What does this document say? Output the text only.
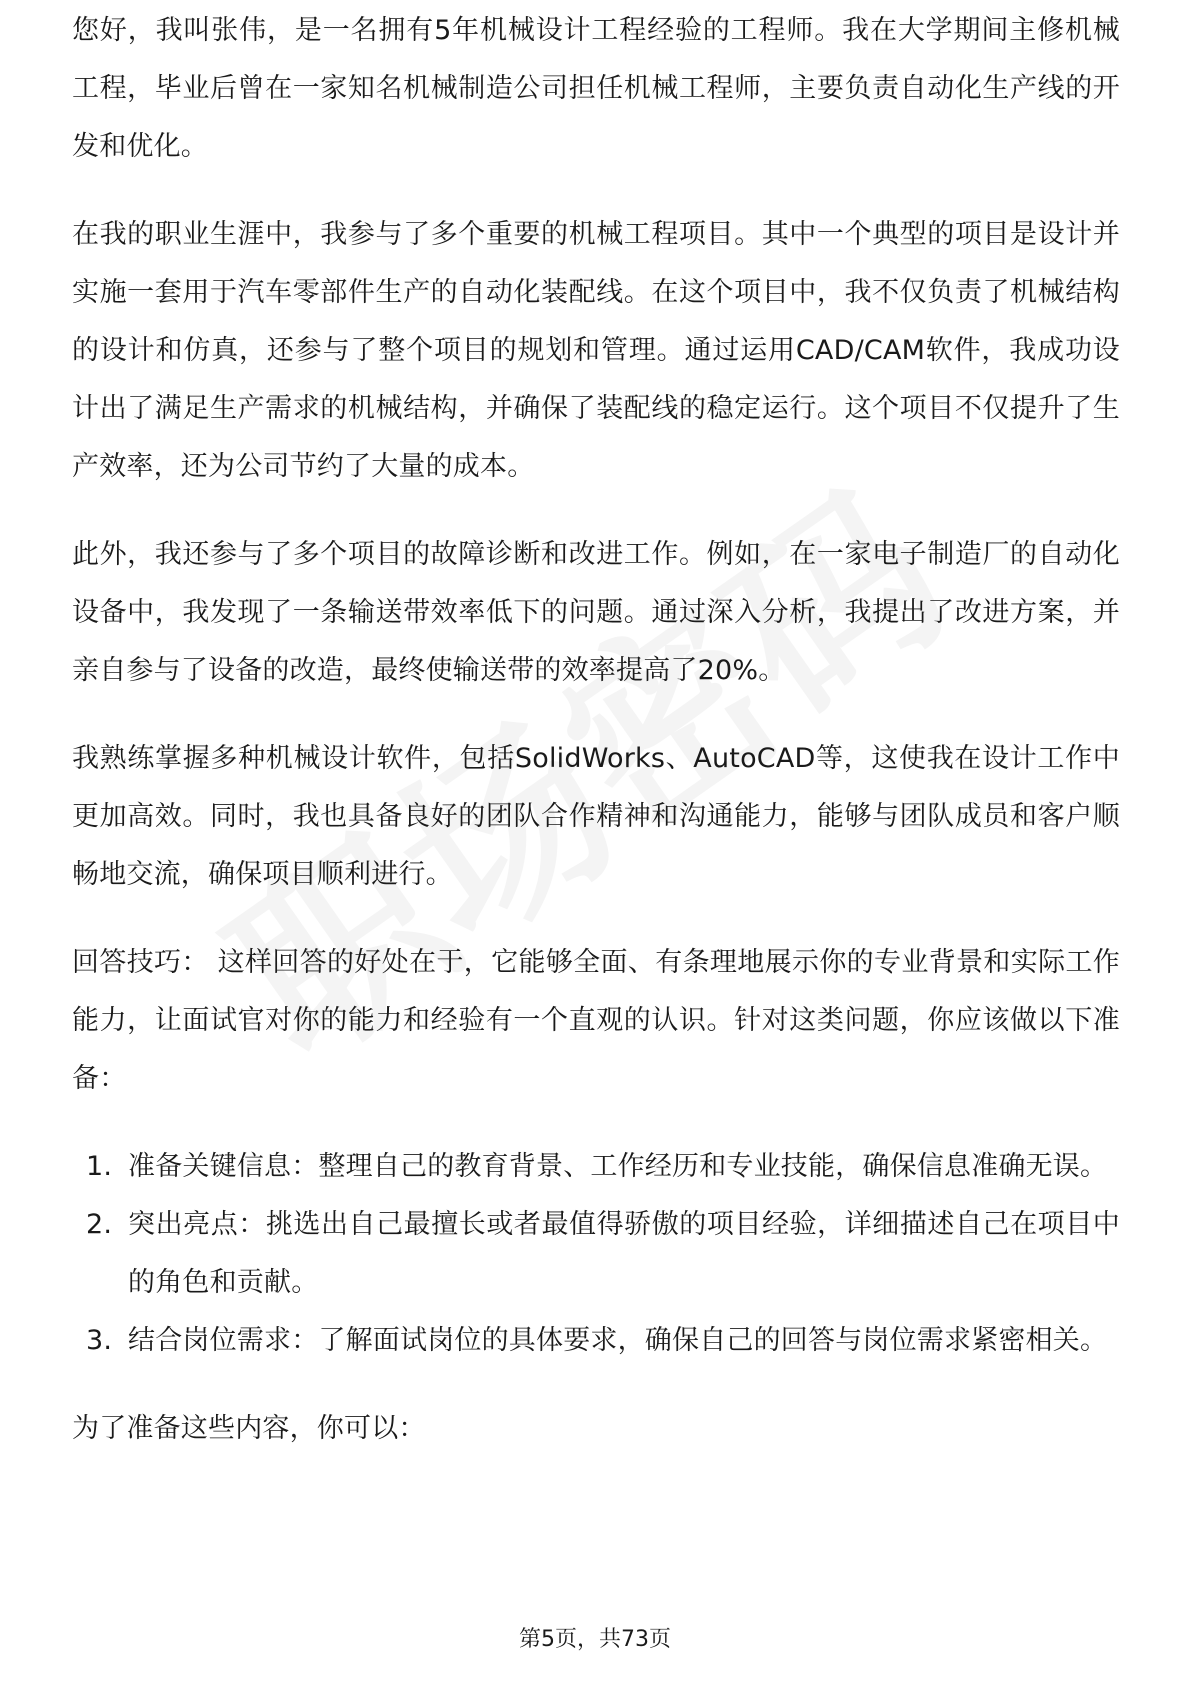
您好，我叫张伟，是一名拥有5年机械设计工程经验的工程师。我在大学期间主修机械工程，毕业后曾在一家知名机械制造公司担任机械工程师，主要负责自动化生产线的开发和优化。

在我的职业生涯中，我参与了多个重要的机械工程项目。其中一个典型的项目是设计并实施一套用于汽车零部件生产的自动化装配线。在这个项目中，我不仅负责了机械结构的设计和仿真，还参与了整个项目的规划和管理。通过运用CAD/CAM软件，我成功设计出了满足生产需求的机械结构，并确保了装配线的稳定运行。这个项目不仅提升了生产效率，还为公司节约了大量的成本。

此外，我还参与了多个项目的故障诊断和改进工作。例如，在一家电子制造厂的自动化设备中，我发现了一条输送带效率低下的问题。通过深入分析，我提出了改进方案，并亲自参与了设备的改造，最终使输送带的效率提高了20%。

我熟练掌握多种机械设计软件，包括SolidWorks、AutoCAD等，这使我在设计工作中更加高效。同时，我也具备良好的团队合作精神和沟通能力，能够与团队成员和客户顺畅地交流，确保项目顺利进行。

回答技巧： 这样回答的好处在于，它能够全面、有条理地展示你的专业背景和实际工作能力，让面试官对你的能力和经验有一个直观的认识。针对这类问题，你应该做以下准备：

1. 准备关键信息：整理自己的教育背景、工作经历和专业技能，确保信息准确无误。
2. 突出亮点：挑选出自己最擅长或者最值得骄傲的项目经验，详细描述自己在项目中的角色和贡献。
3. 结合岗位需求：了解面试岗位的具体要求，确保自己的回答与岗位需求紧密相关。

为了准备这些内容，你可以：

第5页，共73页
